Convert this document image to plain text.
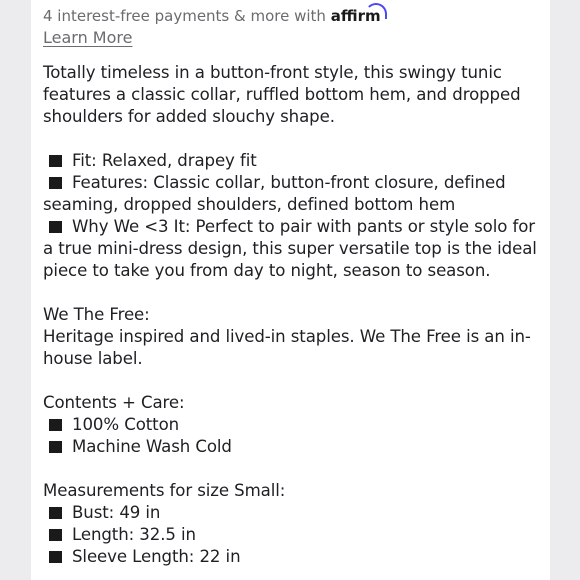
4 interest-free payments & more with affirm
Learn More

Totally timeless in a button-front style, this swingy tunic features a classic collar, ruffled bottom hem, and dropped shoulders for added slouchy shape.

Fit: Relaxed, drapey fit

Features: Classic collar, button-front closure, defined seaming, dropped shoulders, defined bottom hem

Why We <3 It: Perfect to pair with pants or style solo for a true mini-dress design, this super versatile top is the ideal piece to take you from day to night, season to season.

We The Free:

Heritage inspired and lived-in staples. We The Free is an in-house label.

Contents + Care:

100% Cotton

Machine Wash Cold

Measurements for size Small:

Bust: 49 in

Length: 32.5 in

Sleeve Length: 22 in
